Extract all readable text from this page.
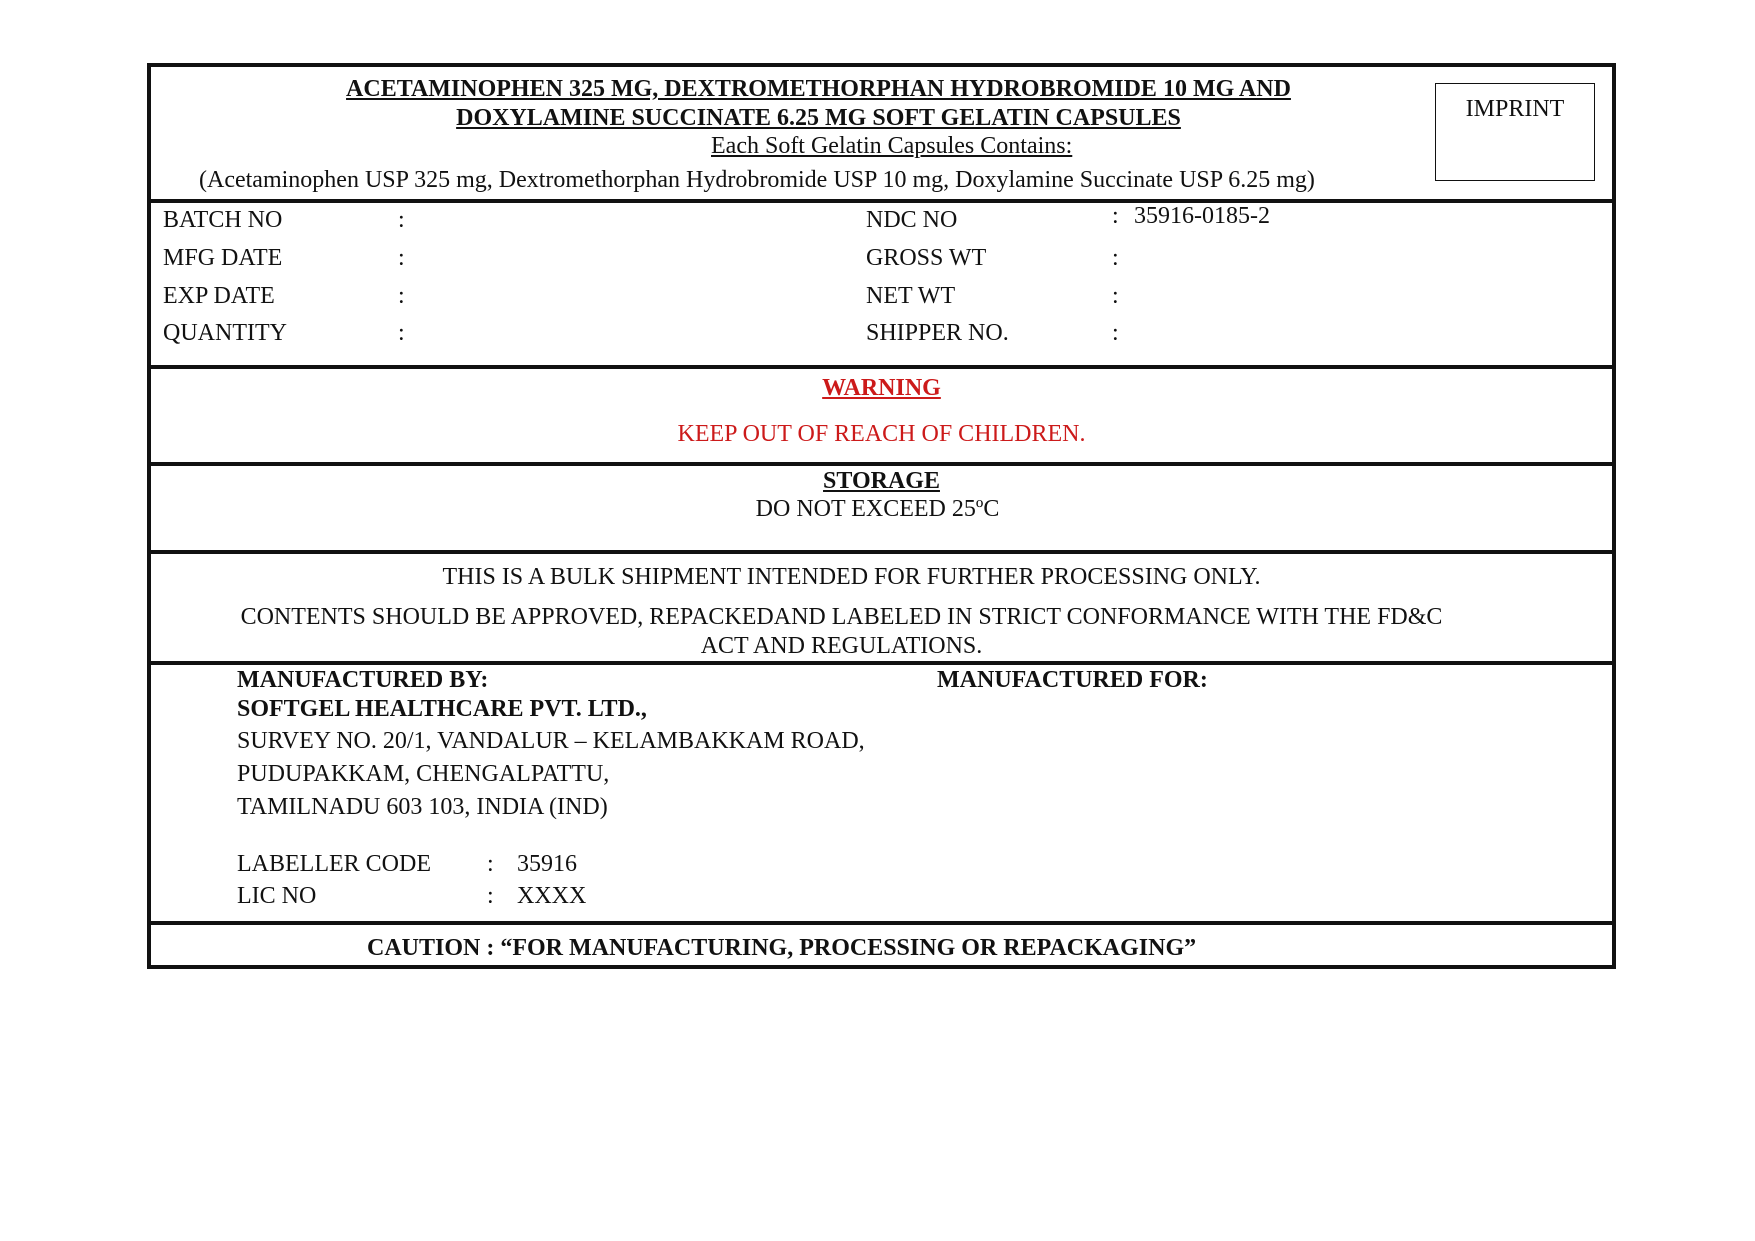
ACETAMINOPHEN 325 MG, DEXTROMETHORPHAN HYDROBROMIDE 10 MG AND
DOXYLAMINE SUCCINATE 6.25 MG SOFT GELATIN CAPSULES
Each Soft Gelatin Capsules Contains:
(Acetaminophen USP 325 mg, Dextromethorphan Hydrobromide USP 10 mg, Doxylamine Succinate USP 6.25 mg)
IMPRINT
BATCH NO	:
MFG DATE	:
EXP DATE	:
QUANTITY	:
NDC NO	: 35916-0185-2
GROSS WT	:
NET WT	:
SHIPPER NO.	:
WARNING
KEEP OUT OF REACH OF CHILDREN.
STORAGE
DO NOT EXCEED 25ºC
THIS IS A BULK SHIPMENT INTENDED FOR FURTHER PROCESSING ONLY.
CONTENTS SHOULD BE APPROVED, REPACKEDAND LABELED IN STRICT CONFORMANCE WITH THE FD&C
ACT AND REGULATIONS.
MANUFACTURED BY:	MANUFACTURED FOR:
SOFTGEL HEALTHCARE PVT. LTD.,
SURVEY NO. 20/1, VANDALUR – KELAMBAKKAM ROAD,
PUDUPAKKAM, CHENGALPATTU,
TAMILNADU 603 103, INDIA (IND)
LABELLER CODE : 35916
LIC NO	: XXXX
CAUTION : “FOR MANUFACTURING, PROCESSING OR REPACKAGING”
